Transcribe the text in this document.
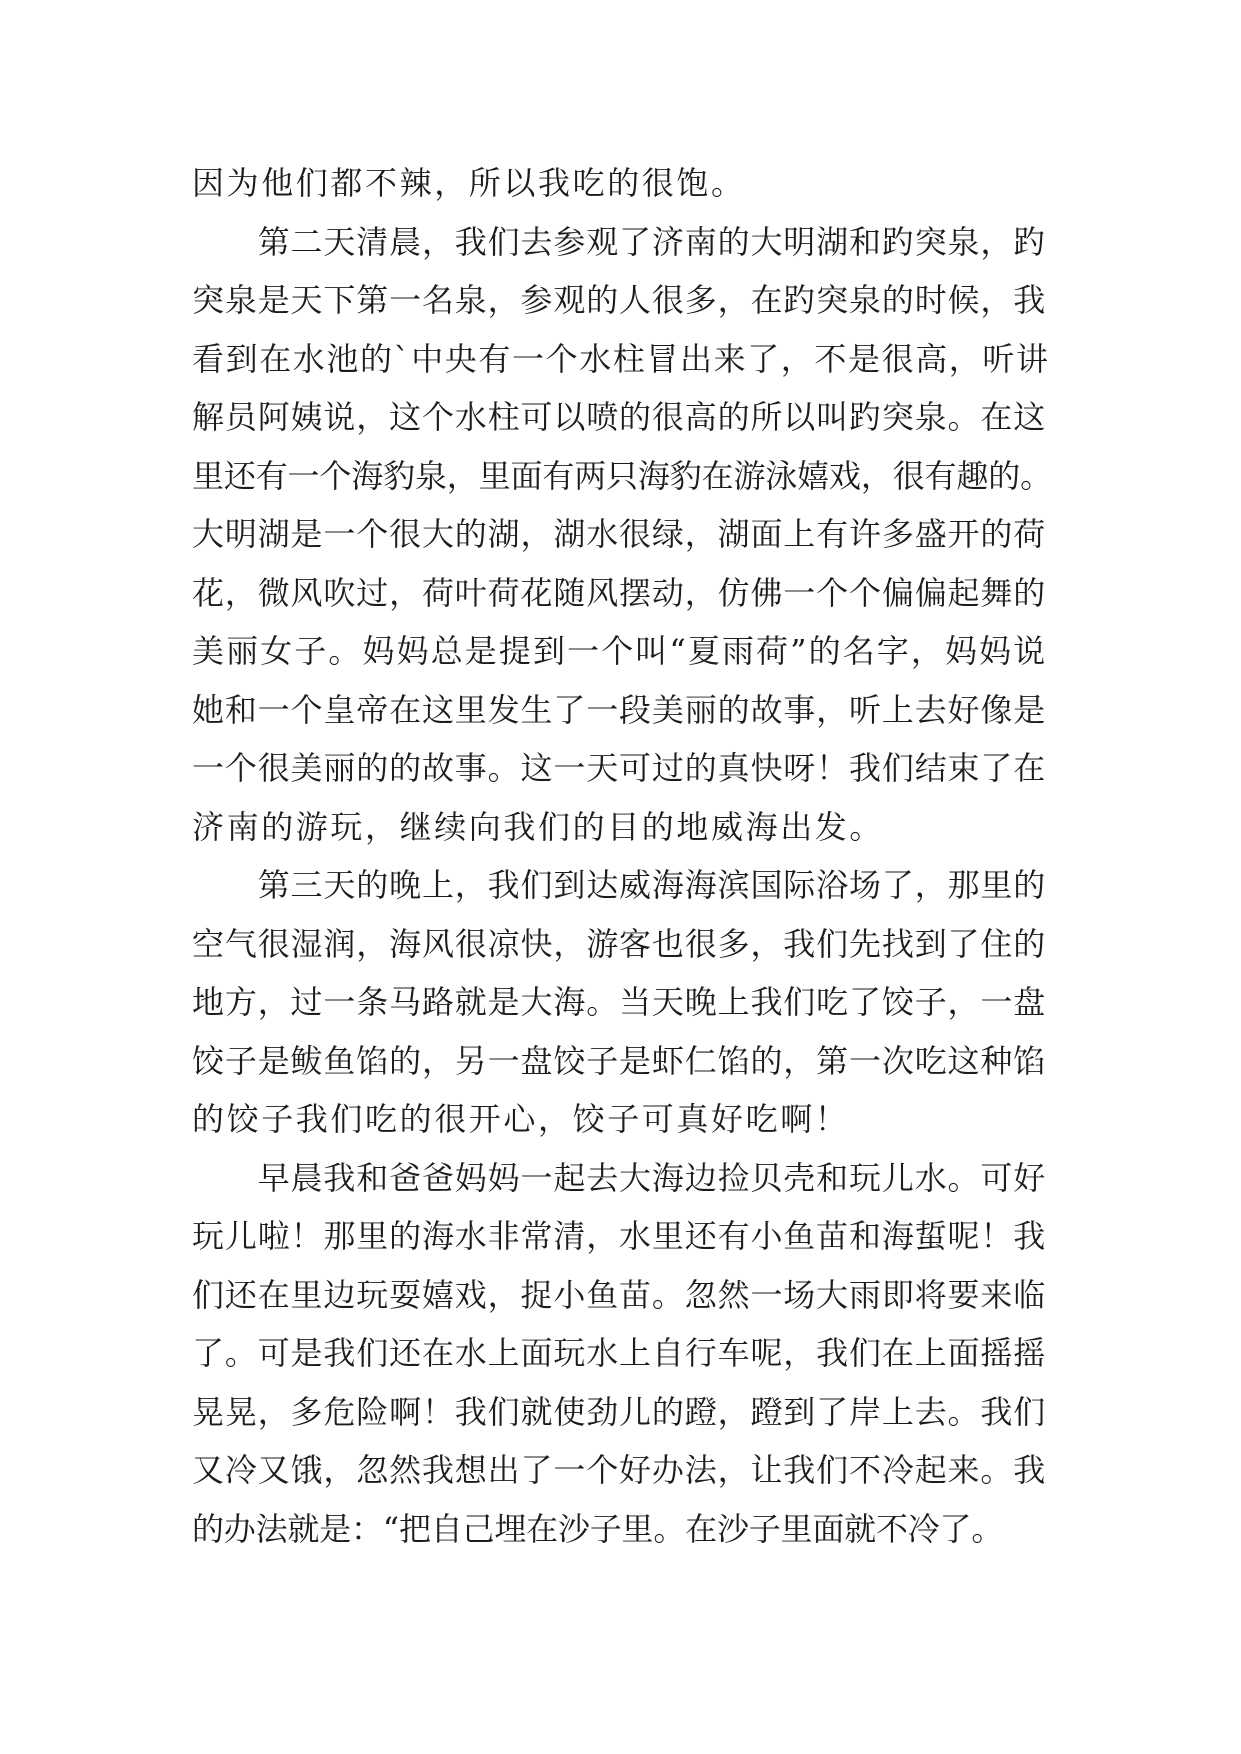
因为他们都不辣，所以我吃的很饱。
　　第二天清晨，我们去参观了济南的大明湖和趵突泉，趵
突泉是天下第一名泉，参观的人很多，在趵突泉的时候，我
看到在水池的`中央有一个水柱冒出来了，不是很高，听讲
解员阿姨说，这个水柱可以喷的很高的所以叫趵突泉。在这
里还有一个海豹泉，里面有两只海豹在游泳嬉戏，很有趣的。
大明湖是一个很大的湖，湖水很绿，湖面上有许多盛开的荷
花，微风吹过，荷叶荷花随风摆动，仿佛一个个偏偏起舞的
美丽女子。妈妈总是提到一个叫“夏雨荷”的名字，妈妈说
她和一个皇帝在这里发生了一段美丽的故事，听上去好像是
一个很美丽的的故事。这一天可过的真快呀！我们结束了在
济南的游玩，继续向我们的目的地威海出发。
　　第三天的晚上，我们到达威海海滨国际浴场了，那里的
空气很湿润，海风很凉快，游客也很多，我们先找到了住的
地方，过一条马路就是大海。当天晚上我们吃了饺子，一盘
饺子是鲅鱼馅的，另一盘饺子是虾仁馅的，第一次吃这种馅
的饺子我们吃的很开心，饺子可真好吃啊！
　　早晨我和爸爸妈妈一起去大海边捡贝壳和玩儿水。可好
玩儿啦！那里的海水非常清，水里还有小鱼苗和海蜇呢！我
们还在里边玩耍嬉戏，捉小鱼苗。忽然一场大雨即将要来临
了。可是我们还在水上面玩水上自行车呢，我们在上面摇摇
晃晃，多危险啊！我们就使劲儿的蹬，蹬到了岸上去。我们
又冷又饿，忽然我想出了一个好办法，让我们不冷起来。我
的办法就是：“把自己埋在沙子里。在沙子里面就不冷了。
